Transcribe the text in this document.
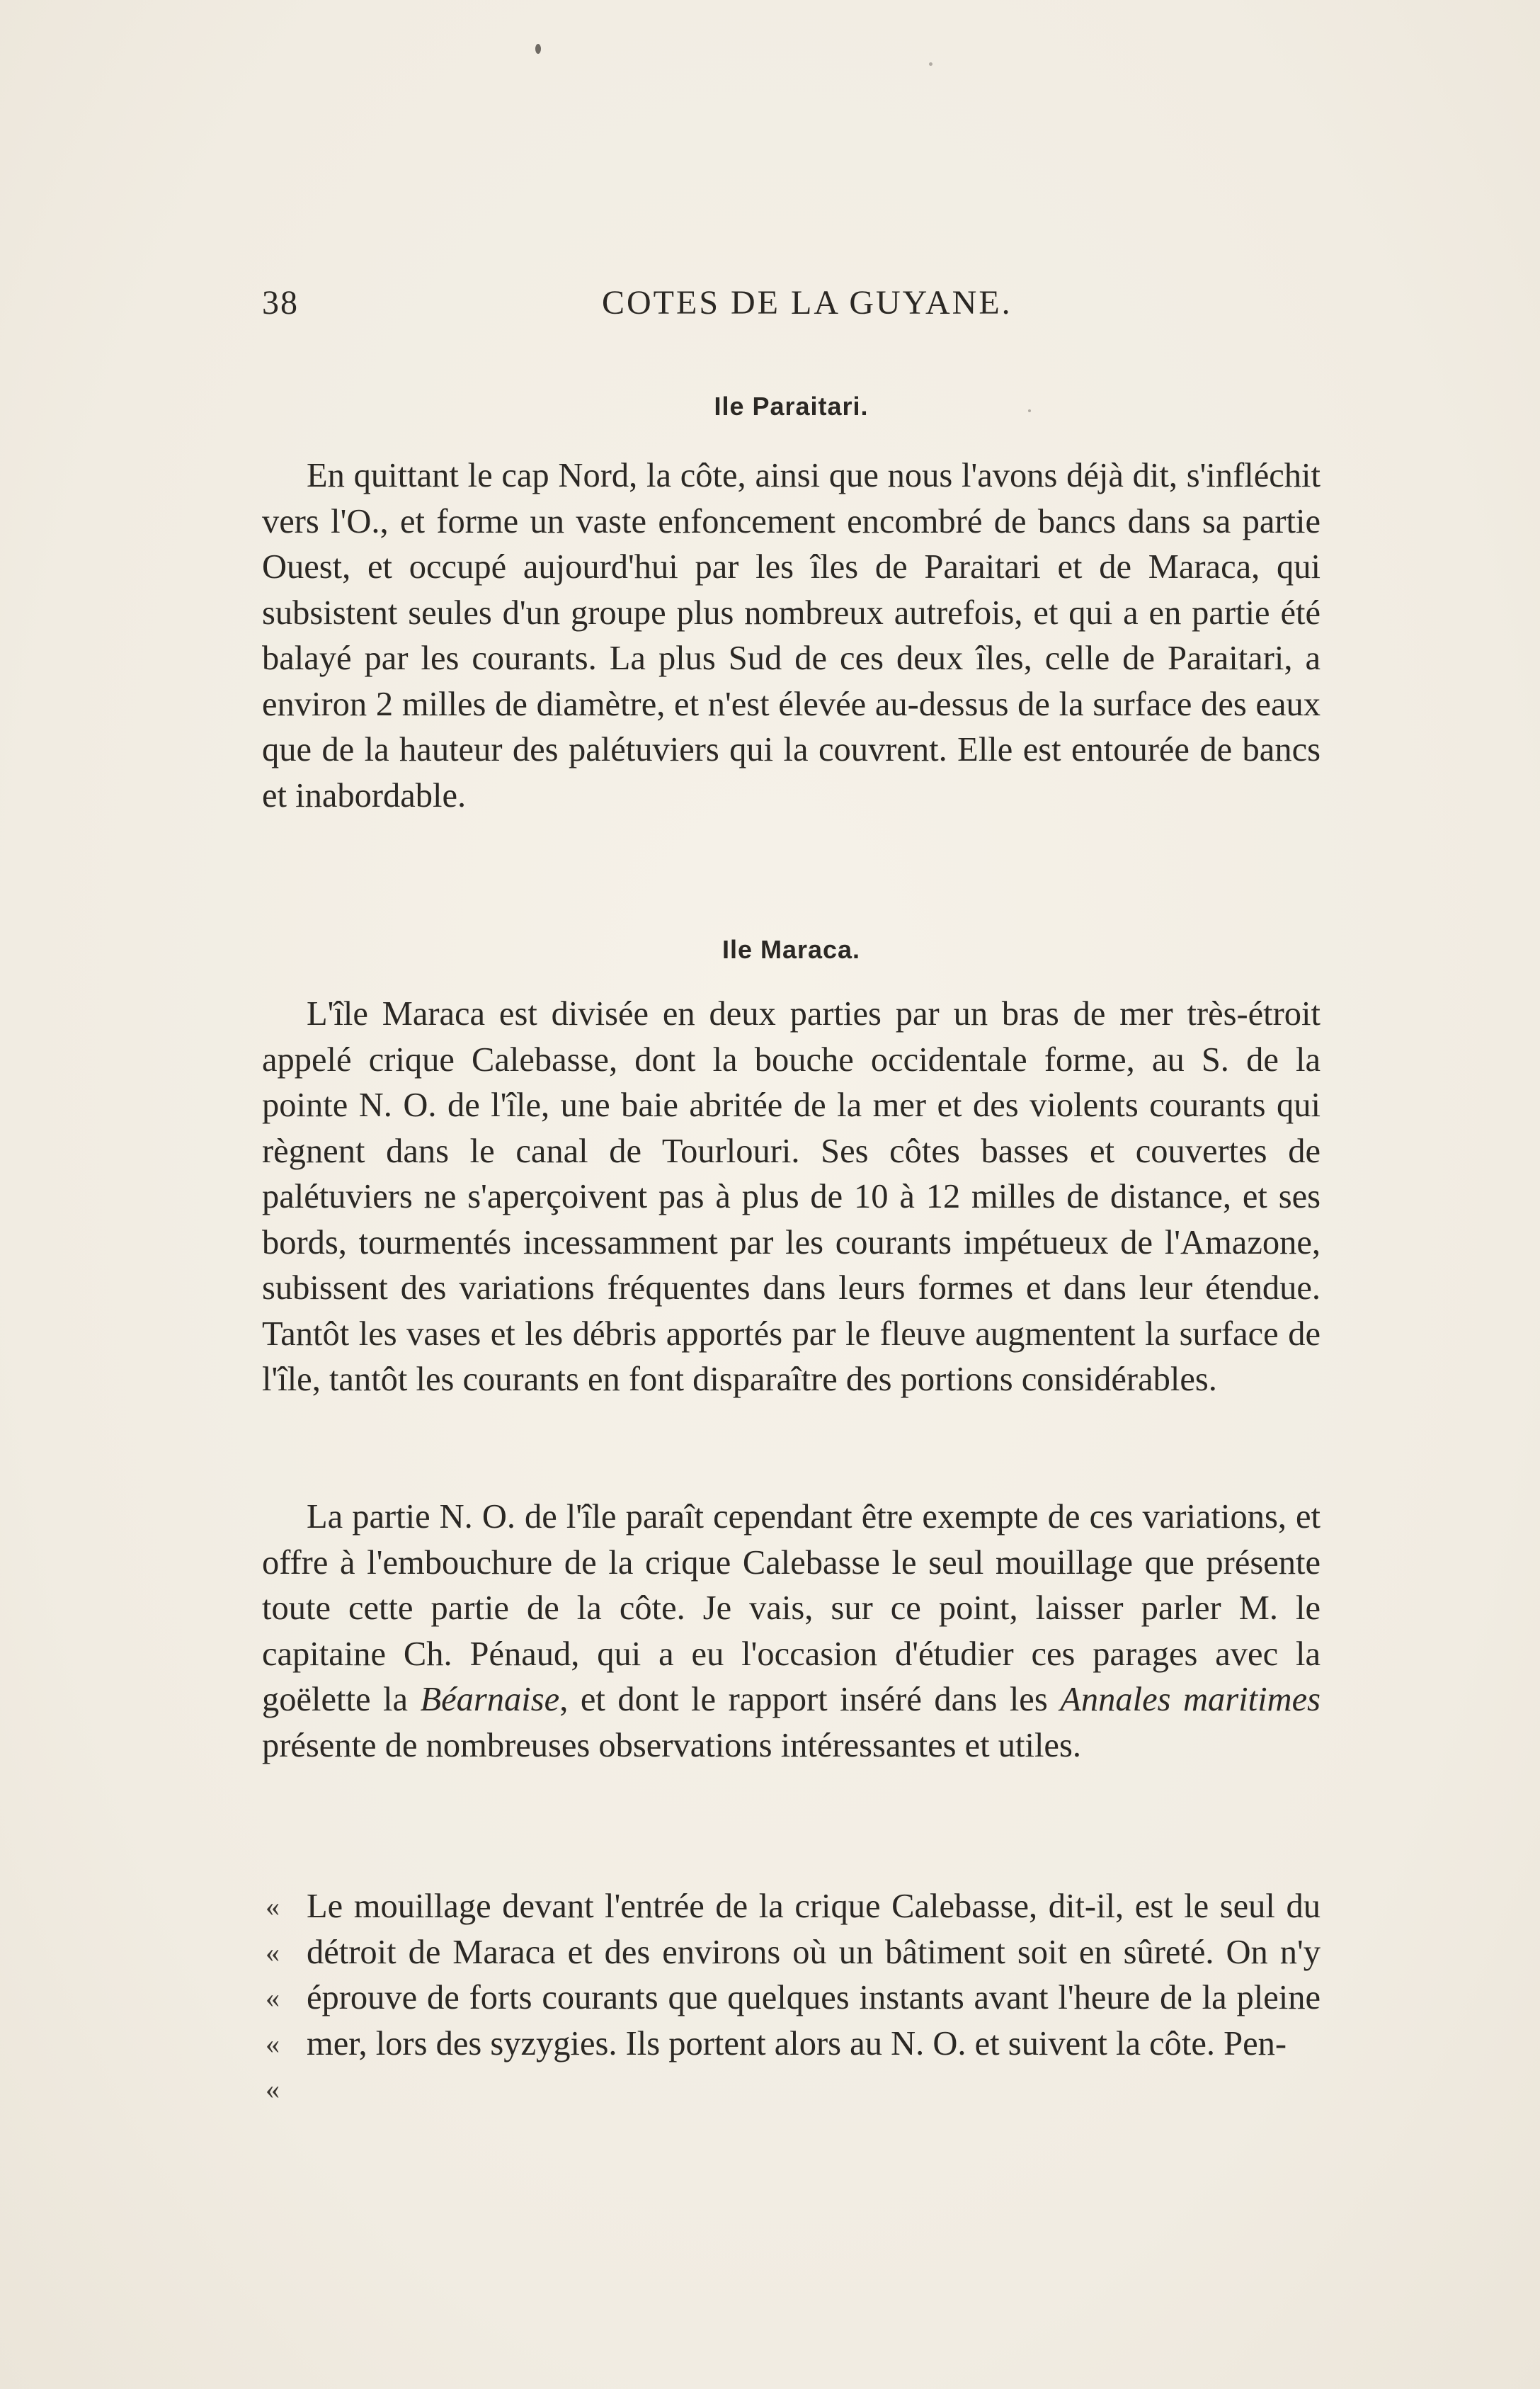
38	COTES DE LA GUYANE.
Ile Paraitari.

En quittant le cap Nord, la côte, ainsi que nous l'avons déjà dit, s'infléchit vers l'O., et forme un vaste enfoncement encombré de bancs dans sa partie Ouest, et occupé aujourd'hui par les îles de Paraitari et de Maraca, qui subsistent seules d'un groupe plus nombreux autrefois, et qui a en partie été balayé par les courants. La plus Sud de ces deux îles, celle de Paraitari, a environ 2 milles de diamètre, et n'est élevée au-dessus de la surface des eaux que de la hauteur des palétuviers qui la couvrent. Elle est entourée de bancs et inabordable.

Ile Maraca.

L'île Maraca est divisée en deux parties par un bras de mer très-étroit appelé crique Calebasse, dont la bouche occidentale forme, au S. de la pointe N. O. de l'île, une baie abritée de la mer et des violents courants qui règnent dans le canal de Tourlouri. Ses côtes basses et couvertes de palétuviers ne s'aperçoivent pas à plus de 10 à 12 milles de distance, et ses bords, tourmentés incessamment par les courants impétueux de l'Amazone, subissent des variations fréquentes dans leurs formes et dans leur étendue. Tantôt les vases et les débris apportés par le fleuve augmentent la surface de l'île, tantôt les courants en font disparaître des portions considérables.

La partie N. O. de l'île paraît cependant être exempte de ces variations, et offre à l'embouchure de la crique Calebasse le seul mouillage que présente toute cette partie de la côte. Je vais, sur ce point, laisser parler M. le capitaine Ch. Pénaud, qui a eu l'occasion d'étudier ces parages avec la goëlette la Béarnaise, et dont le rapport inséré dans les Annales maritimes présente de nombreuses observations intéressantes et utiles.

«
«
«
«
«

Le mouillage devant l'entrée de la crique Calebasse, dit-il, est le seul du détroit de Maraca et des environs où un bâtiment soit en sûreté. On n'y éprouve de forts courants que quelques instants avant l'heure de la pleine mer, lors des syzygies. Ils portent alors au N. O. et suivent la côte. Pen-
